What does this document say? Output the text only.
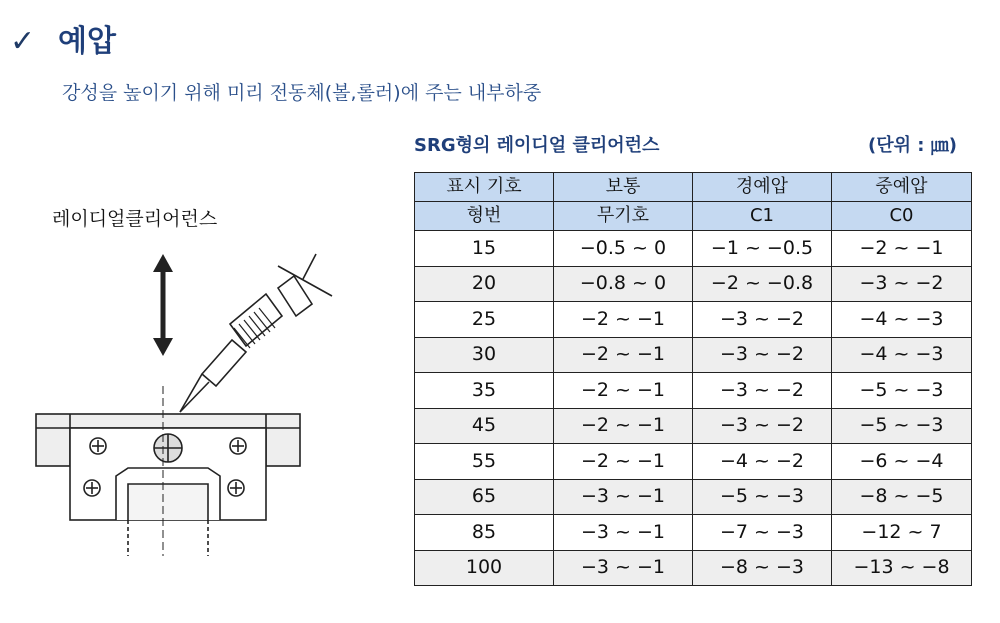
✓ 예압
강성을 높이기 위해 미리 전동체(볼,롤러)에 주는 내부하중
SRG형의 레이디얼 클리어런스	(단위 : ㎛)
표시 기호	보통	경예압	중예압
형번	무기호	C1	C0
15	−0.5 ~ 0	−1 ~ −0.5	−2 ~ −1
20	−0.8 ~ 0	−2 ~ −0.8	−3 ~ −2
25	−2 ~ −1	−3 ~ −2	−4 ~ −3
30	−2 ~ −1	−3 ~ −2	−4 ~ −3
35	−2 ~ −1	−3 ~ −2	−5 ~ −3
45	−2 ~ −1	−3 ~ −2	−5 ~ −3
55	−2 ~ −1	−4 ~ −2	−6 ~ −4
65	−3 ~ −1	−5 ~ −3	−8 ~ −5
85	−3 ~ −1	−7 ~ −3	−12 ~ 7
100	−3 ~ −1	−8 ~ −3	−13 ~ −8
레이디얼클리어런스
